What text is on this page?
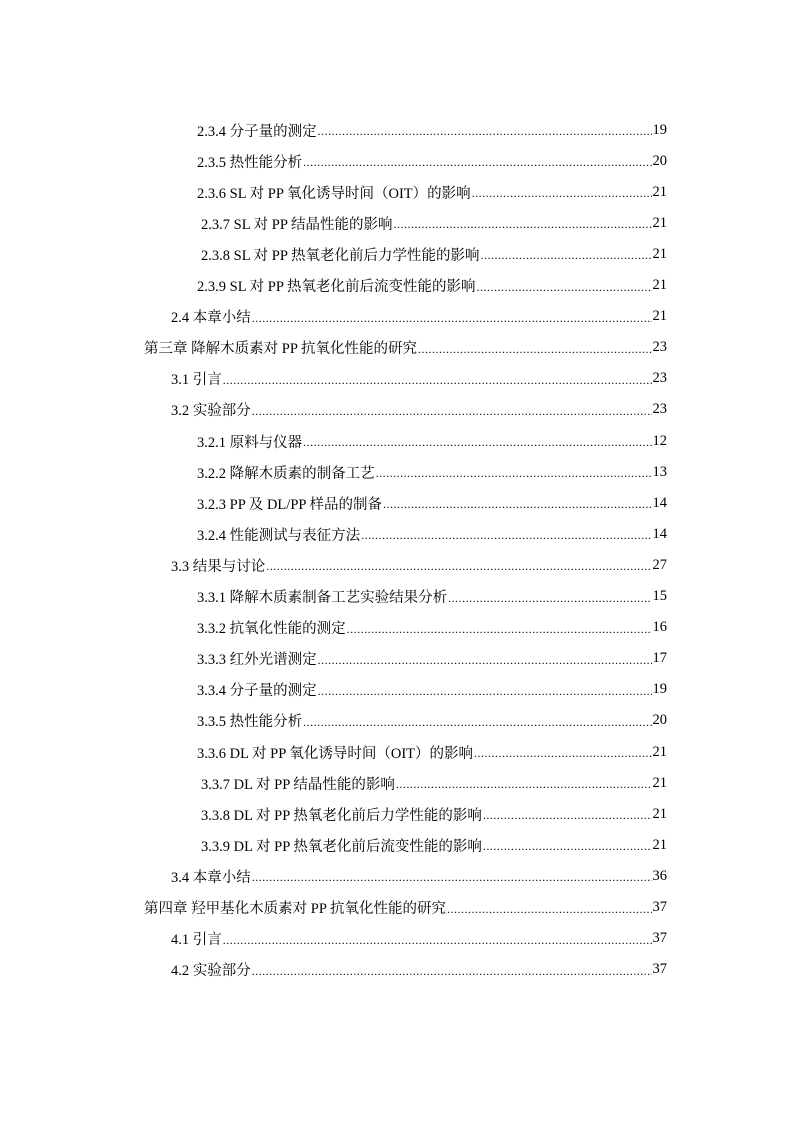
2.3.4 分子量的测定 .....	19
2.3.5 热性能分析 .....	20
2.3.6 SL 对 PP 氧化诱导时间（OIT）的影响 .....	21
2.3.7 SL 对 PP 结晶性能的影响 .....	21
2.3.8 SL 对 PP 热氧老化前后力学性能的影响 .....	21
2.3.9 SL 对 PP 热氧老化前后流变性能的影响 .....	21
2.4 本章小结 .....	21
第三章 降解木质素对 PP 抗氧化性能的研究 .....	23
3.1 引言 .....	23
3.2 实验部分 .....	23
3.2.1 原料与仪器 .....	12
3.2.2 降解木质素的制备工艺 .....	13
3.2.3 PP 及 DL/PP 样品的制备 .....	14
3.2.4 性能测试与表征方法 .....	14
3.3 结果与讨论 .....	27
3.3.1 降解木质素制备工艺实验结果分析 .....	15
3.3.2 抗氧化性能的测定 .....	16
3.3.3 红外光谱测定 .....	17
3.3.4 分子量的测定 .....	19
3.3.5 热性能分析 .....	20
3.3.6 DL 对 PP 氧化诱导时间（OIT）的影响 .....	21
3.3.7 DL 对 PP 结晶性能的影响 .....	21
3.3.8 DL 对 PP 热氧老化前后力学性能的影响 .....	21
3.3.9 DL 对 PP 热氧老化前后流变性能的影响 .....	21
3.4 本章小结 .....	36
第四章 羟甲基化木质素对 PP 抗氧化性能的研究 .....	37
4.1 引言 .....	37
4.2 实验部分 .....	37
